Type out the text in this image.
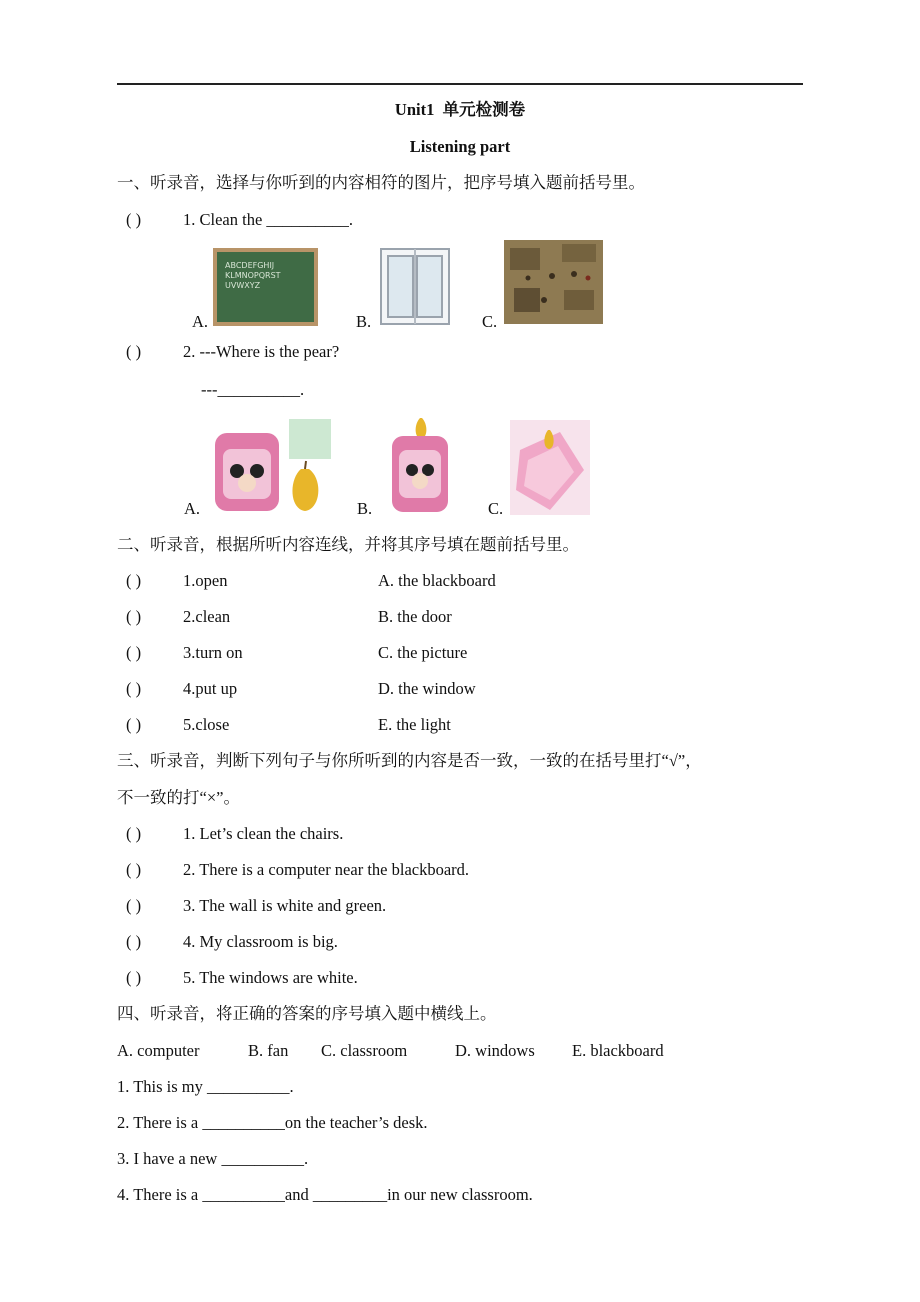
Unit1  单元检测卷
Listening part
一、听录音，选择与你听到的内容相符的图片，把序号填入题前括号里。
( )	1. Clean the __________.
A.
ABCDEFGHIJ
KLMNOPQRST
UVWXYZ
B.	C.
( )	2. ---Where is the pear?
---__________.
A.	B.	C.
二、听录音，根据所听内容连线，并将其序号填在题前括号里。
( )	1.open	A. the blackboard
( )	2.clean	B. the door
( )	3.turn on	C. the picture
( )	4.put up	D. the window
( )	5.close	E. the light
三、听录音，判断下列句子与你所听到的内容是否一致，一致的在括号里打“√”，
不一致的打“×”。
( )	1. Let’s clean the chairs.
( )	2. There is a computer near the blackboard.
( )	3. The wall is white and green.
( )	4. My classroom is big.
( )	5. The windows are white.
四、听录音，将正确的答案的序号填入题中横线上。
A. computer	B. fan C. classroom	D. windows E. blackboard
1. This is my __________.
2. There is a __________on the teacher’s desk.
3. I have a new __________.
4. There is a __________and _________in our new classroom.
